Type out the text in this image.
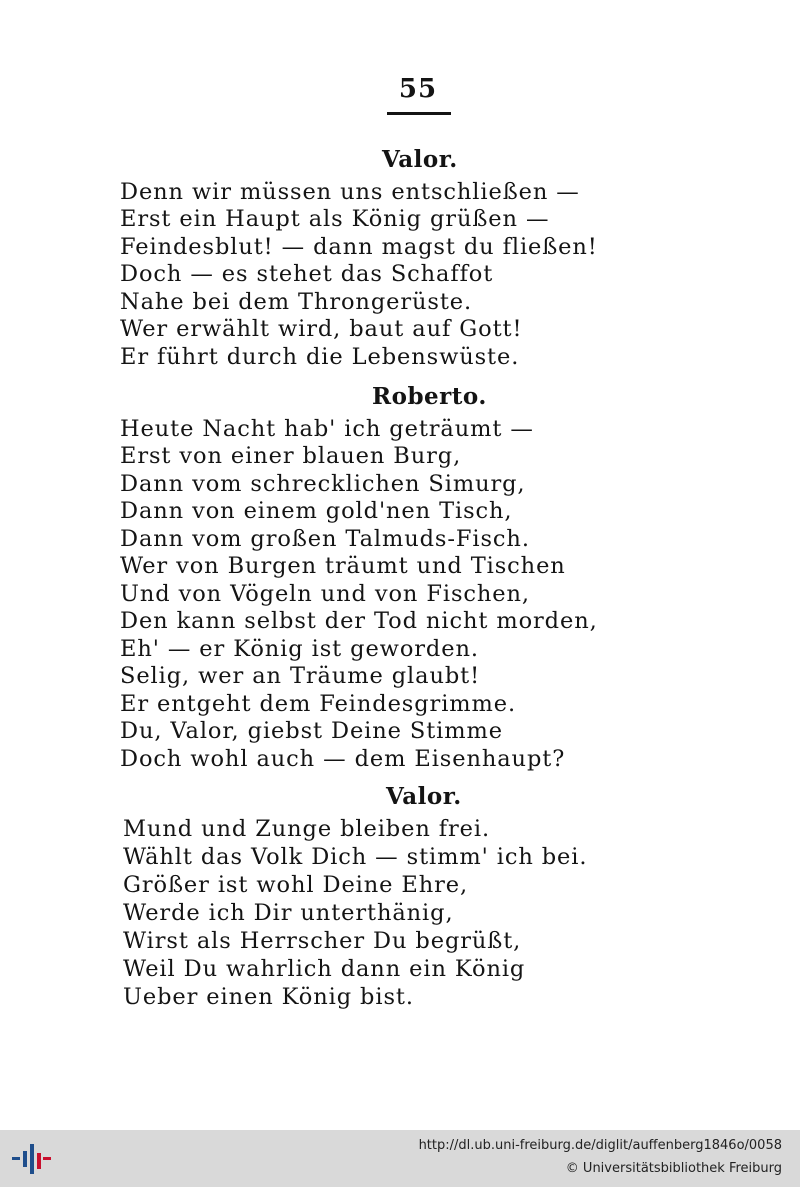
55
Valor.
Denn wir müssen uns entschließen —
Erst ein Haupt als König grüßen —
Feindesblut! — dann magst du fließen!
Doch — es stehet das Schaffot
Nahe bei dem Throngerüste.
Wer erwählt wird, baut auf Gott!
Er führt durch die Lebenswüste.
Roberto.
Heute Nacht hab' ich geträumt —
Erst von einer blauen Burg,
Dann vom schrecklichen Simurg,
Dann von einem gold'nen Tisch,
Dann vom großen Talmuds-Fisch.
Wer von Burgen träumt und Tischen
Und von Vögeln und von Fischen,
Den kann selbst der Tod nicht morden,
Eh' — er König ist geworden.
Selig, wer an Träume glaubt!
Er entgeht dem Feindesgrimme.
Du, Valor, giebst Deine Stimme
Doch wohl auch — dem Eisenhaupt?
Valor.
Mund und Zunge bleiben frei.
Wählt das Volk Dich — stimm' ich bei.
Größer ist wohl Deine Ehre,
Werde ich Dir unterthänig,
Wirst als Herrscher Du begrüßt,
Weil Du wahrlich dann ein König
Ueber einen König bist.
http://dl.ub.uni-freiburg.de/diglit/auffenberg1846o/0058
© Universitätsbibliothek Freiburg
